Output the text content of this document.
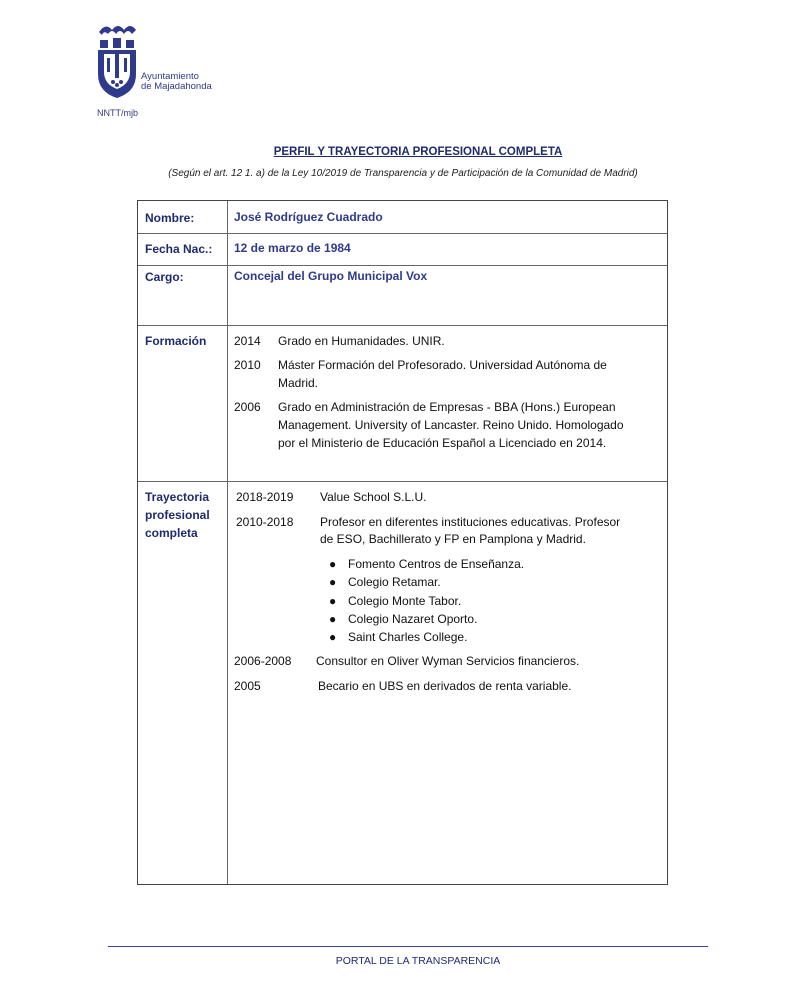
Ayuntamiento
de Majadahonda
NNTT/mjb
PERFIL Y TRAYECTORIA PROFESIONAL COMPLETA
(Según el art. 12 1. a) de la Ley 10/2019 de Transparencia y de Participación de la Comunidad de Madrid)
Nombre:	José Rodríguez Cuadrado
Fecha Nac.: 12 de marzo de 1984
Cargo:	Concejal del Grupo Municipal Vox
Formación 2014 Grado en Humanidades. UNIR.
2010 Máster Formación del Profesorado. Universidad Autónoma de
Madrid.
2006 Grado en Administración de Empresas - BBA (Hons.) European
Management. University of Lancaster. Reino Unido. Homologado
por el Ministerio de Educación Español a Licenciado en 2014.
Trayectoria
profesional
completa
2018-2019 Value School S.L.U.
2010-2018 Profesor en diferentes instituciones educativas. Profesor
de ESO, Bachillerato y FP en Pamplona y Madrid.
● Fomento Centros de Enseñanza.
● Colegio Retamar.
● Colegio Monte Tabor.
● Colegio Nazaret Oporto.
● Saint Charles College.
2006-2008 Consultor en Oliver Wyman Servicios financieros.
2005	Becario en UBS en derivados de renta variable.
PORTAL DE LA TRANSPARENCIA
